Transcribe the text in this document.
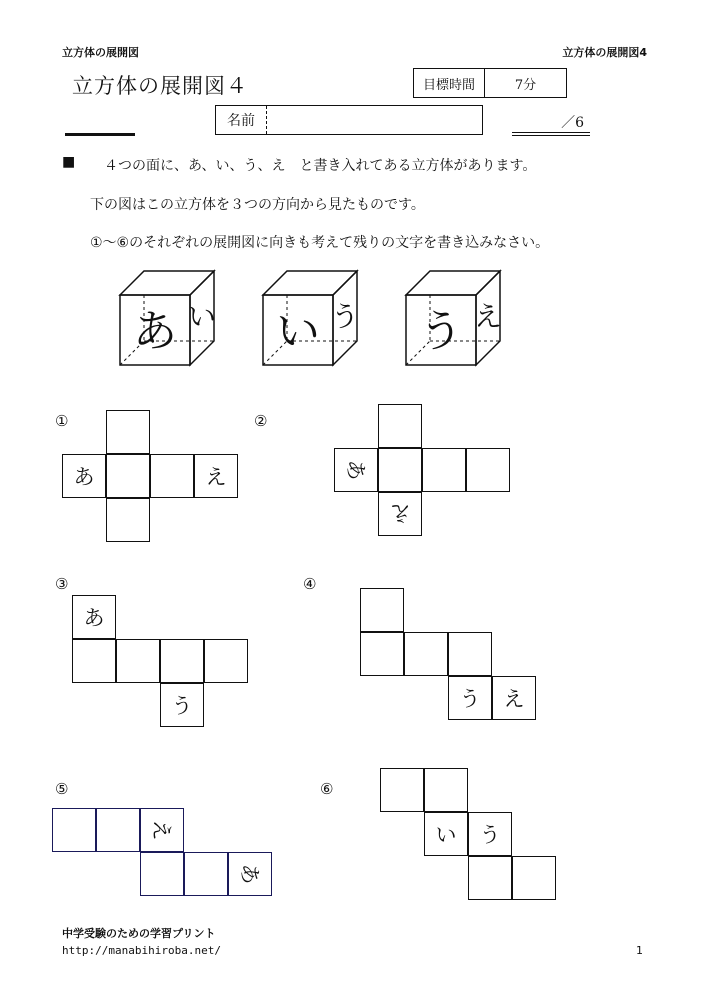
立方体の展開図	立方体の展開図4
立方体の展開図４	目標時間	7分
名前	／6
■ ４つの面に、あ、い、う、え　と書き入れてある立方体があります。
下の図はこの立方体を３つの方向から見たものです。
①～⑥のそれぞれの展開図に向きも考えて残りの文字を書き込みなさい。
あ い い う う え
①	②
③	④
⑤	⑥
あ	え	あ
え
あ
う	う え
え
あ
い う
中学受験のための学習プリント
http://manabihiroba.net/	1
